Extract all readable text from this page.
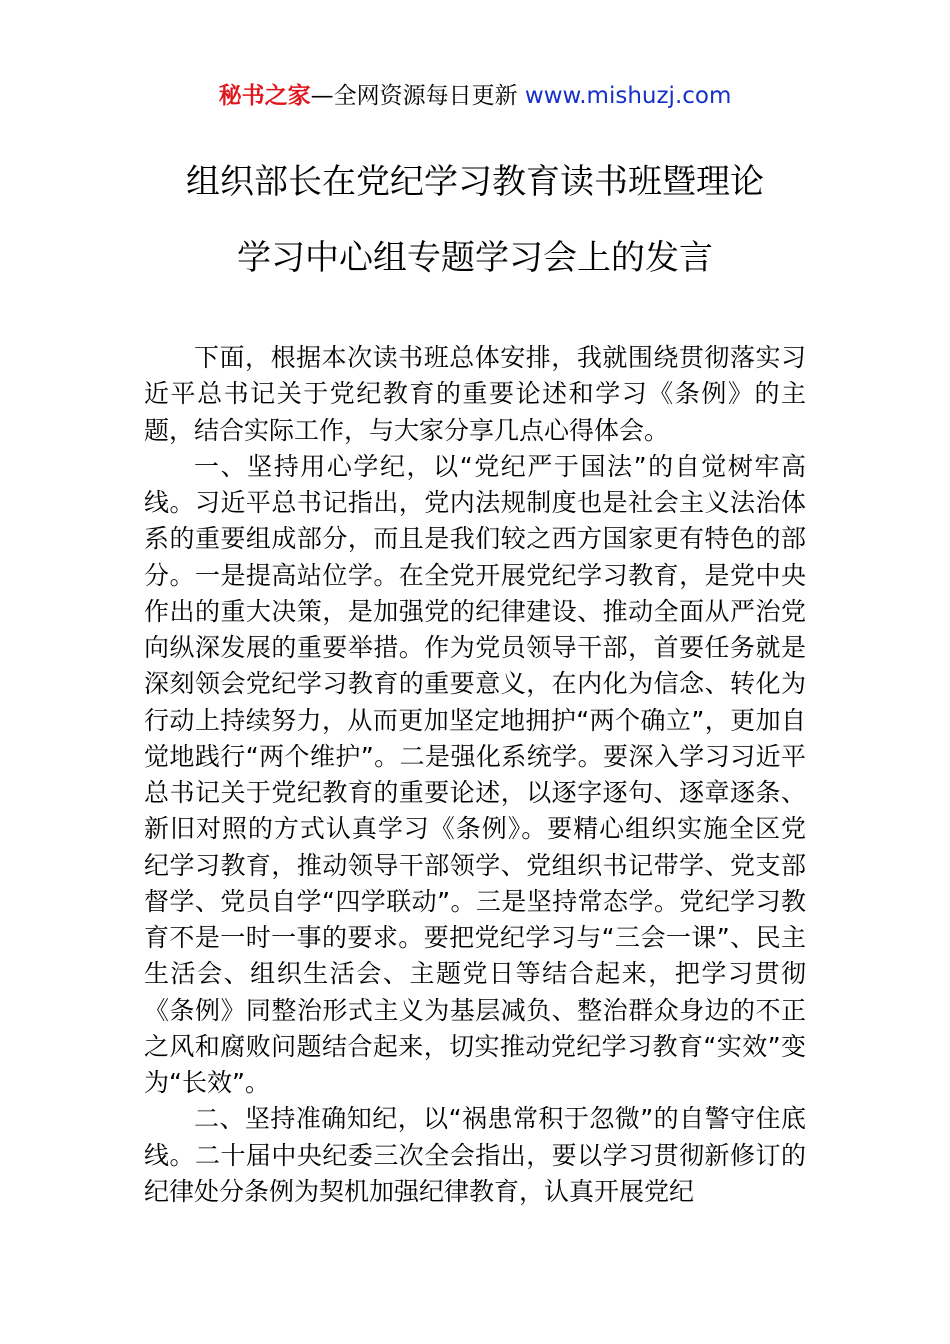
秘书之家—全网资源每日更新 www.mishuzj.com
组织部长在党纪学习教育读书班暨理论
学习中心组专题学习会上的发言

下面，根据本次读书班总体安排，我就围绕贯彻落实习近平总书记关于党纪教育的重要论述和学习《条例》的主题，结合实际工作，与大家分享几点心得体会。

一、坚持用心学纪，以“党纪严于国法”的自觉树牢高线。习近平总书记指出，党内法规制度也是社会主义法治体系的重要组成部分，而且是我们较之西方国家更有特色的部分。一是提高站位学。在全党开展党纪学习教育，是党中央作出的重大决策，是加强党的纪律建设、推动全面从严治党向纵深发展的重要举措。作为党员领导干部，首要任务就是深刻领会党纪学习教育的重要意义，在内化为信念、转化为行动上持续努力，从而更加坚定地拥护“两个确立”，更加自觉地践行“两个维护”。二是强化系统学。要深入学习习近平总书记关于党纪教育的重要论述，以逐字逐句、逐章逐条、新旧对照的方式认真学习《条例》。要精心组织实施全区党纪学习教育，推动领导干部领学、党组织书记带学、党支部督学、党员自学“四学联动”。三是坚持常态学。党纪学习教育不是一时一事的要求。要把党纪学习与“三会一课”、民主生活会、组织生活会、主题党日等结合起来，把学习贯彻《条例》同整治形式主义为基层减负、整治群众身边的不正之风和腐败问题结合起来，切实推动党纪学习教育“实效”变为“长效”。

二、坚持准确知纪，以“祸患常积于忽微”的自警守住底线。二十届中央纪委三次全会指出，要以学习贯彻新修订的纪律处分条例为契机加强纪律教育，认真开展党纪
